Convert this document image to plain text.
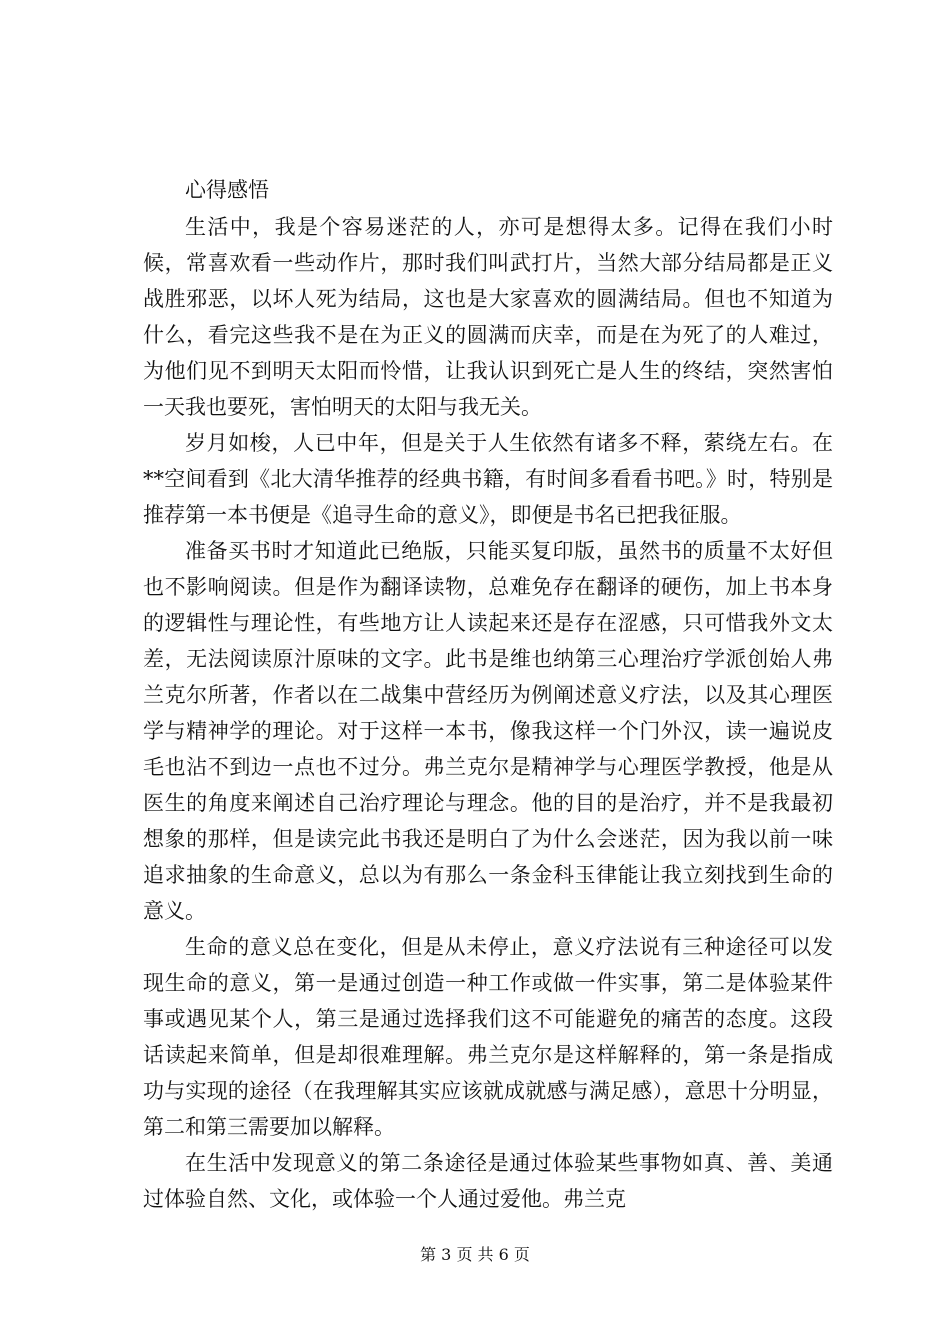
心得感悟

生活中，我是个容易迷茫的人，亦可是想得太多。记得在我们小时候，常喜欢看一些动作片，那时我们叫武打片，当然大部分结局都是正义战胜邪恶，以坏人死为结局，这也是大家喜欢的圆满结局。但也不知道为什么，看完这些我不是在为正义的圆满而庆幸，而是在为死了的人难过，为他们见不到明天太阳而怜惜，让我认识到死亡是人生的终结，突然害怕一天我也要死，害怕明天的太阳与我无关。

岁月如梭，人已中年，但是关于人生依然有诸多不释，萦绕左右。在**空间看到《北大清华推荐的经典书籍，有时间多看看书吧。》时，特别是推荐第一本书便是《追寻生命的意义》，即便是书名已把我征服。

准备买书时才知道此已绝版，只能买复印版，虽然书的质量不太好但也不影响阅读。但是作为翻译读物，总难免存在翻译的硬伤，加上书本身的逻辑性与理论性，有些地方让人读起来还是存在涩感，只可惜我外文太差，无法阅读原汁原味的文字。此书是维也纳第三心理治疗学派创始人弗兰克尔所著，作者以在二战集中营经历为例阐述意义疗法，以及其心理医学与精神学的理论。对于这样一本书，像我这样一个门外汉，读一遍说皮毛也沾不到边一点也不过分。弗兰克尔是精神学与心理医学教授，他是从医生的角度来阐述自己治疗理论与理念。他的目的是治疗，并不是我最初想象的那样，但是读完此书我还是明白了为什么会迷茫，因为我以前一味追求抽象的生命意义，总以为有那么一条金科玉律能让我立刻找到生命的意义。

生命的意义总在变化，但是从未停止，意义疗法说有三种途径可以发现生命的意义，第一是通过创造一种工作或做一件实事，第二是体验某件事或遇见某个人，第三是通过选择我们这不可能避免的痛苦的态度。这段话读起来简单，但是却很难理解。弗兰克尔是这样解释的，第一条是指成功与实现的途径（在我理解其实应该就成就感与满足感），意思十分明显，第二和第三需要加以解释。

在生活中发现意义的第二条途径是通过体验某些事物如真、善、美通过体验自然、文化，或体验一个人通过爱他。弗兰克

第 3 页 共 6 页
